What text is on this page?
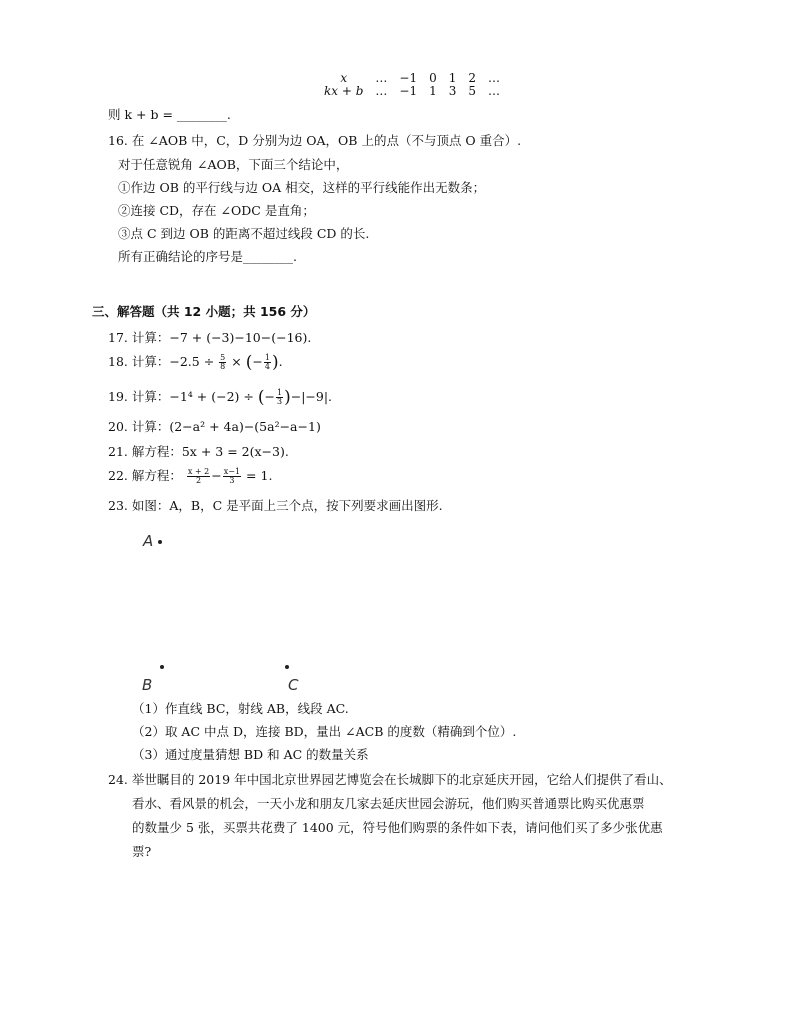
x	…	−1	0	1	2	…
kx + b	…	−1	1	3	5	…
则 k + b = ________.
16. 在 ∠AOB 中，C，D 分别为边 OA，OB 上的点（不与顶点 O 重合）.
对于任意锐角 ∠AOB，下面三个结论中，
①作边 OB 的平行线与边 OA 相交，这样的平行线能作出无数条；
②连接 CD，存在 ∠ODC 是直角；
③点 C 到边 OB 的距离不超过线段 CD 的长.
所有正确结论的序号是________.
三、解答题（共 12 小题；共 156 分）
17. 计算：−7 + (−3)−10−(−16).
18. 计算：$-2.5 \div \frac{5}{8}$ × (− $\frac{1}{4}$ ).
19. 计算：−1⁴ + (−2) ÷ (− $\frac{1}{3} )-|-9|$.
20. 计算：(2−a² + 4a)−(5a²−a−1)
21. 解方程：5x + 3 = 2(x−3).
22. 解方程： $\frac{x + 2}{2} - \frac{x-1}{3} = 1$.
23. 如图：A，B，C 是平面上三个点，按下列要求画出图形.
A
B	C
（1）作直线 BC，射线 AB，线段 AC.
（2）取 AC 中点 D，连接 BD，量出 ∠ACB 的度数（精确到个位）.
（3）通过度量猜想 BD 和 AC 的数量关系
24. 举世瞩目的 2019 年中国北京世界园艺博览会在长城脚下的北京延庆开园，它给人们提供了看山、
看水、看风景的机会，一天小龙和朋友几家去延庆世园会游玩，他们购买普通票比购买优惠票
的数量少 5 张，买票共花费了 1400 元，符号他们购票的条件如下表，请问他们买了多少张优惠
票?
